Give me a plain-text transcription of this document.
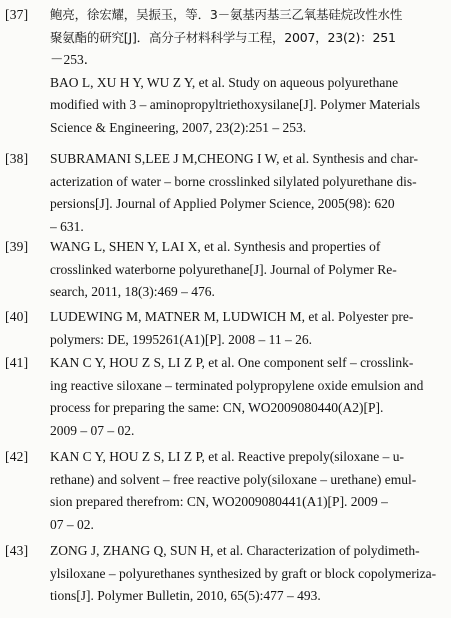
[37] 鲍亮，徐宏耀，吴振玉，等．3－氨基丙基三乙氧基硅烷改性水性
聚氨酯的研究[J]．高分子材料科学与工程，2007，23(2)：251
－253．
BAO L, XU H Y, WU Z Y, et al. Study on aqueous polyurethane
modified with 3 – aminopropyltriethoxysilane[J]. Polymer Materials
Science & Engineering, 2007, 23(2):251 – 253.
[38] SUBRAMANI S,LEE J M,CHEONG I W, et al. Synthesis and char-
acterization of water – borne crosslinked silylated polyurethane dis-
persions[J]. Journal of Applied Polymer Science, 2005(98): 620
– 631.
[39] WANG L, SHEN Y, LAI X, et al. Synthesis and properties of
crosslinked waterborne polyurethane[J]. Journal of Polymer Re-
search, 2011, 18(3):469 – 476.
[40] LUDEWING M, MATNER M, LUDWICH M, et al. Polyester pre-
polymers: DE, 1995261(A1)[P]. 2008 – 11 – 26.
[41] KAN C Y, HOU Z S, LI Z P, et al. One component self – crosslink-
ing reactive siloxane – terminated polypropylene oxide emulsion and
process for preparing the same: CN, WO2009080440(A2)[P].
2009 – 07 – 02.
[42] KAN C Y, HOU Z S, LI Z P, et al. Reactive prepoly(siloxane – u-
rethane) and solvent – free reactive poly(siloxane – urethane) emul-
sion prepared therefrom: CN, WO2009080441(A1)[P]. 2009 –
07 – 02.
[43] ZONG J, ZHANG Q, SUN H, et al. Characterization of polydimeth-
ylsiloxane – polyurethanes synthesized by graft or block copolymeriza-
tions[J]. Polymer Bulletin, 2010, 65(5):477 – 493.
